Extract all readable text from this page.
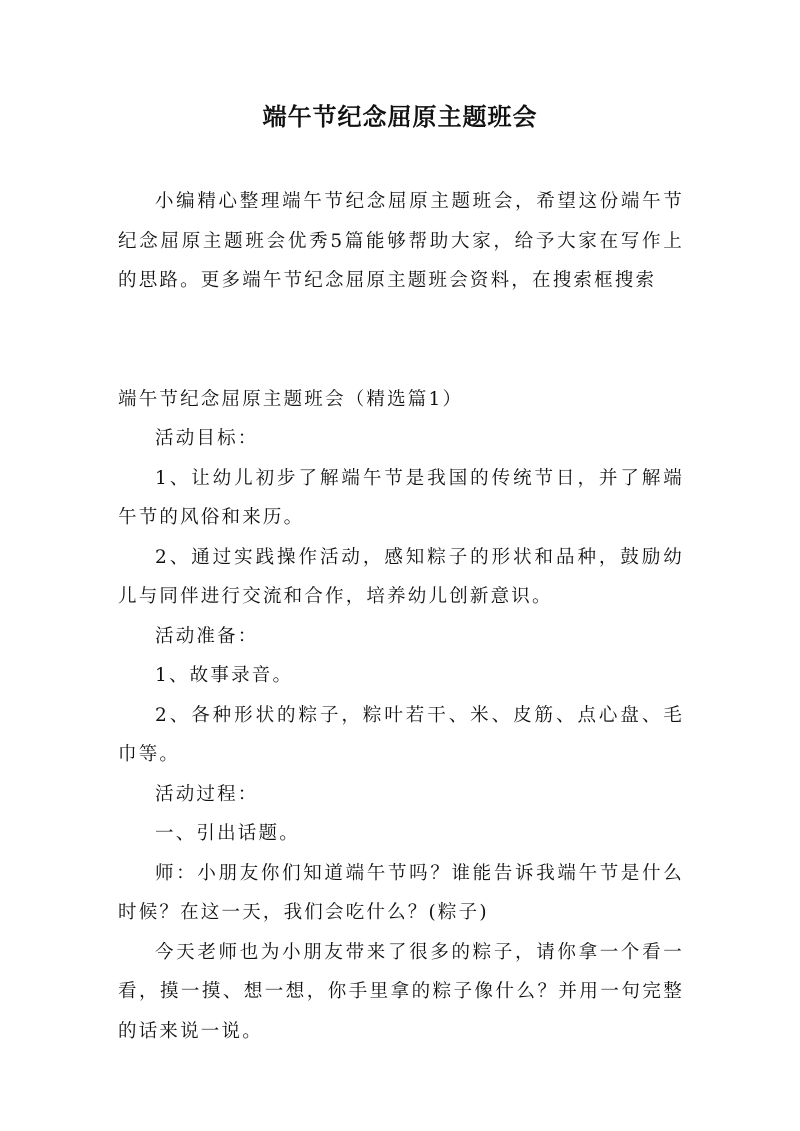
端午节纪念屈原主题班会

小编精心整理端午节纪念屈原主题班会，希望这份端午节纪念屈原主题班会优秀5篇能够帮助大家，给予大家在写作上的思路。更多端午节纪念屈原主题班会资料，在搜索框搜索

端午节纪念屈原主题班会（精选篇1）

活动目标：

1、让幼儿初步了解端午节是我国的传统节日，并了解端午节的风俗和来历。

2、通过实践操作活动，感知粽子的形状和品种，鼓励幼儿与同伴进行交流和合作，培养幼儿创新意识。

活动准备：

1、故事录音。

2、各种形状的粽子，粽叶若干、米、皮筋、点心盘、毛巾等。

活动过程：

一、引出话题。

师：小朋友你们知道端午节吗？谁能告诉我端午节是什么时候？在这一天，我们会吃什么？(粽子)

今天老师也为小朋友带来了很多的粽子，请你拿一个看一看，摸一摸、想一想，你手里拿的粽子像什么？并用一句完整的话来说一说。
